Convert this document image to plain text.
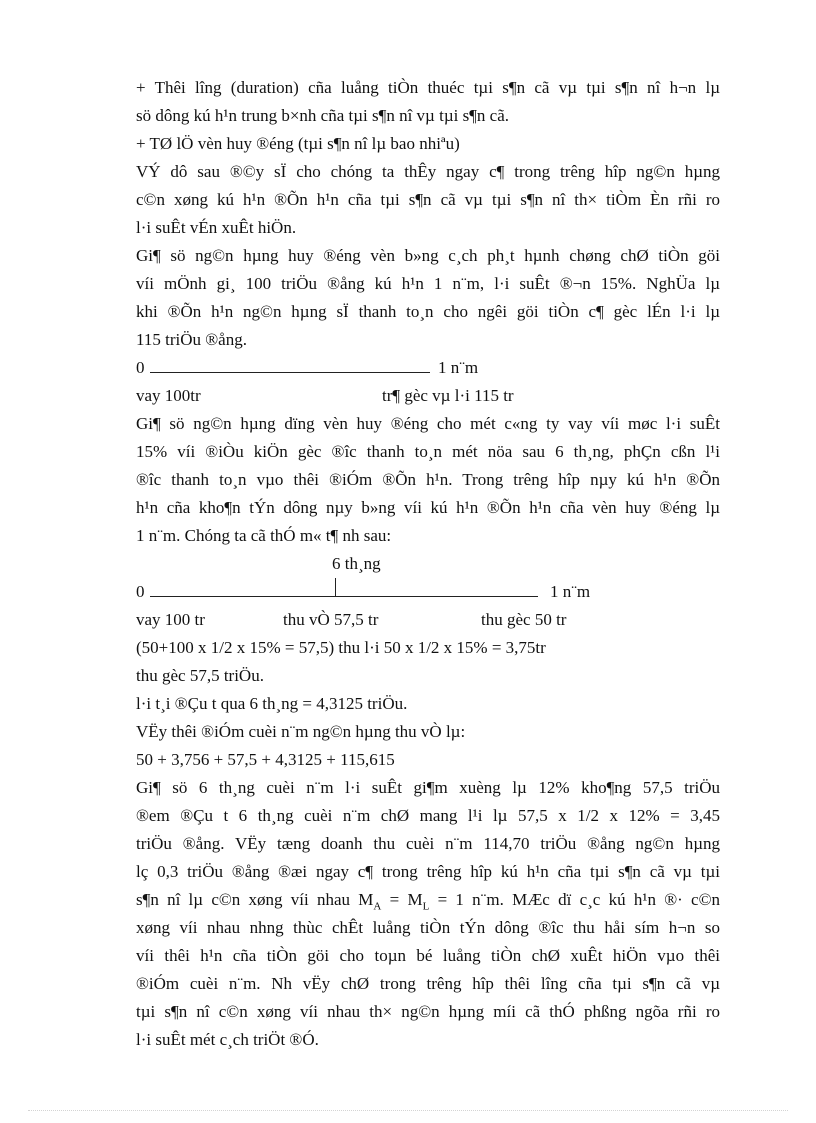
+ Thêi lîng (duration) cña luång tiÒn thuéc tµi s¶n cã vµ tµi s¶n nî h¬n lµ
sö dông kú h¹n trung b×nh cña tµi s¶n nî vµ tµi s¶n cã.
+ TØ lÖ vèn huy ®éng (tµi s¶n nî lµ bao nhiªu)
VÝ dô sau ®©y sÏ cho chóng ta thÊy ngay c¶ trong trêng hîp ng©n hµng
c©n xøng kú h¹n ®Õn h¹n cña tµi s¶n cã vµ tµi s¶n nî th× tiÒm Èn rñi ro
l·i suÊt vÉn xuÊt hiÖn.
Gi¶ sö ng©n hµng huy ®éng vèn b»ng c¸ch ph¸t hµnh chøng chØ tiÒn göi
víi mÖnh gi¸ 100 triÖu ®ång kú h¹n 1 n¨m, l·i suÊt ®¬n 15%. NghÜa lµ
khi ®Õn h¹n ng©n hµng sÏ thanh to¸n cho ngêi göi tiÒn c¶ gèc lÉn l·i lµ
115 triÖu ®ång.
0	1 n¨m
vay 100tr	tr¶ gèc vµ l·i 115 tr
Gi¶ sö ng©n hµng dïng vèn huy ®éng cho mét c«ng ty vay víi møc l·i suÊt
15% víi ®iÒu kiÖn gèc ®îc thanh to¸n mét nöa sau 6 th¸ng, phÇn cßn l¹i
®îc thanh to¸n vµo thêi ®iÓm ®Õn h¹n. Trong trêng hîp nµy kú h¹n ®Õn
h¹n cña kho¶n tÝn dông nµy b»ng víi kú h¹n ®Õn h¹n cña vèn huy ®éng lµ
1 n¨m. Chóng ta cã thÓ m« t¶ nh sau:
6 th¸ng
0	1 n¨m
vay 100 tr	thu vÒ 57,5 tr	thu gèc 50 tr
(50+100 x 1/2 x 15% = 57,5) thu l·i 50 x 1/2 x 15% = 3,75tr
thu gèc 57,5 triÖu.
l·i t¸i ®Çu t qua 6 th¸ng = 4,3125 triÖu.
VËy thêi ®iÓm cuèi n¨m ng©n hµng thu vÒ lµ:
50 + 3,756 + 57,5 + 4,3125 + 115,615
Gi¶ sö 6 th¸ng cuèi n¨m l·i suÊt gi¶m xuèng lµ 12% kho¶ng 57,5 triÖu
®em ®Çu t 6 th¸ng cuèi n¨m chØ mang l¹i lµ 57,5 x 1/2 x 12% = 3,45
triÖu ®ång. VËy tæng doanh thu cuèi n¨m 114,70 triÖu ®ång ng©n hµng
lç 0,3 triÖu ®ång ®æi ngay c¶ trong trêng hîp kú h¹n cña tµi s¶n cã vµ tµi
s¶n nî lµ c©n xøng víi nhau $M_A = M_L = 1$ n¨m. MÆc dï c¸c kú h¹n ®· c©n
xøng víi nhau nhng thùc chÊt luång tiÒn tÝn dông ®îc thu håi sím h¬n so
víi thêi h¹n cña tiÒn göi cho toµn bé luång tiÒn chØ xuÊt hiÖn vµo thêi
®iÓm cuèi n¨m. Nh vËy chØ trong trêng hîp thêi lîng cña tµi s¶n cã vµ
tµi s¶n nî c©n xøng víi nhau th× ng©n hµng míi cã thÓ phßng ngõa rñi ro
l·i suÊt mét c¸ch triÖt ®Ó.
